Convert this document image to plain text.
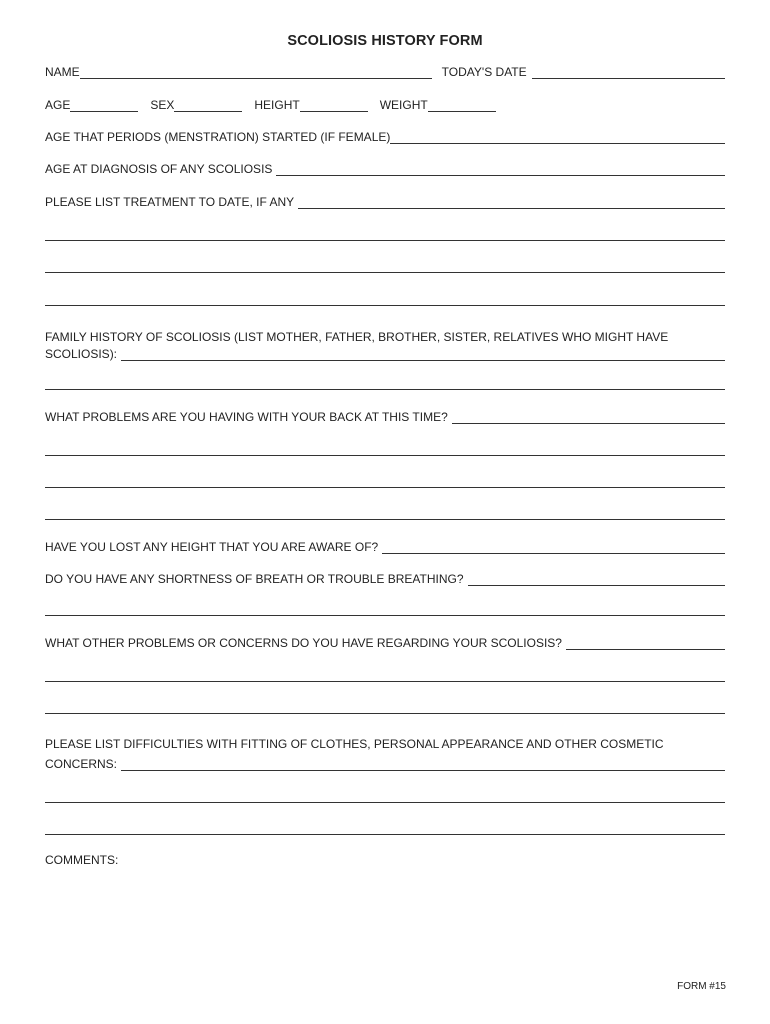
SCOLIOSIS HISTORY FORM
NAME	TODAY'S DATE
AGE	SEX	HEIGHT	WEIGHT
AGE THAT PERIODS (MENSTRATION) STARTED (IF FEMALE)
AGE AT DIAGNOSIS OF ANY SCOLIOSIS
PLEASE LIST TREATMENT TO DATE, IF ANY
FAMILY HISTORY OF SCOLIOSIS (LIST MOTHER, FATHER, BROTHER, SISTER, RELATIVES WHO MIGHT HAVE
SCOLIOSIS):
WHAT PROBLEMS ARE YOU HAVING WITH YOUR BACK AT THIS TIME?
HAVE YOU LOST ANY HEIGHT THAT YOU ARE AWARE OF?
DO YOU HAVE ANY SHORTNESS OF BREATH OR TROUBLE BREATHING?
WHAT OTHER PROBLEMS OR CONCERNS DO YOU HAVE REGARDING YOUR SCOLIOSIS?
PLEASE LIST DIFFICULTIES WITH FITTING OF CLOTHES, PERSONAL APPEARANCE AND OTHER COSMETIC
CONCERNS:
COMMENTS:
FORM #15
